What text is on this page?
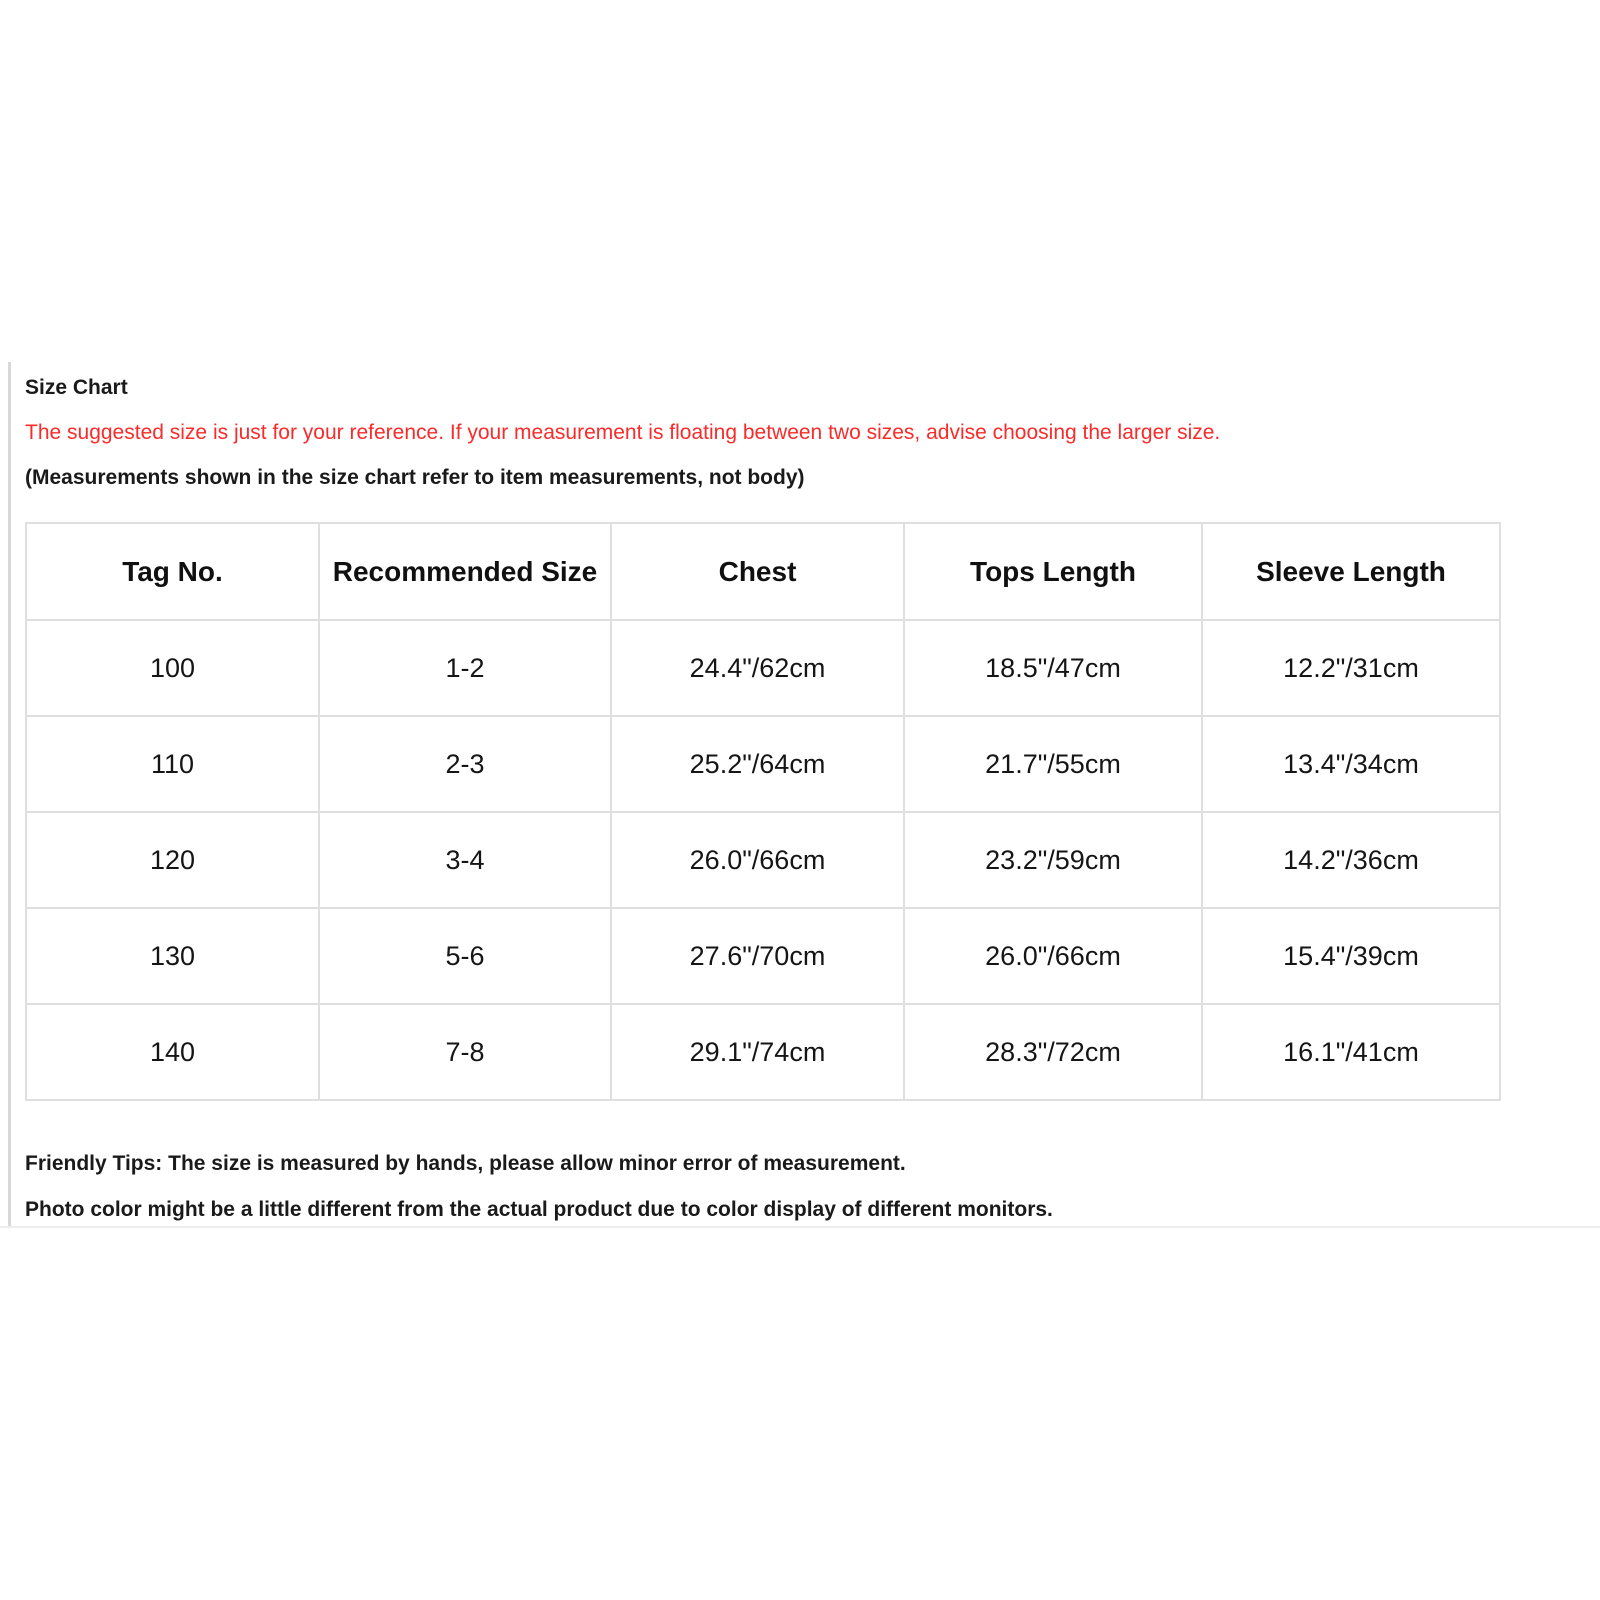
Size Chart
The suggested size is just for your reference. If your measurement is floating between two sizes, advise choosing the larger size.
(Measurements shown in the size chart refer to item measurements, not body)
Tag No.	Recommended Size	Chest	Tops Length	Sleeve Length
100	1-2	24.4"/62cm	18.5"/47cm	12.2"/31cm
110	2-3	25.2"/64cm	21.7"/55cm	13.4"/34cm
120	3-4	26.0"/66cm	23.2"/59cm	14.2"/36cm
130	5-6	27.6"/70cm	26.0"/66cm	15.4"/39cm
140	7-8	29.1"/74cm	28.3"/72cm	16.1"/41cm
Friendly Tips: The size is measured by hands, please allow minor error of measurement.
Photo color might be a little different from the actual product due to color display of different monitors.
